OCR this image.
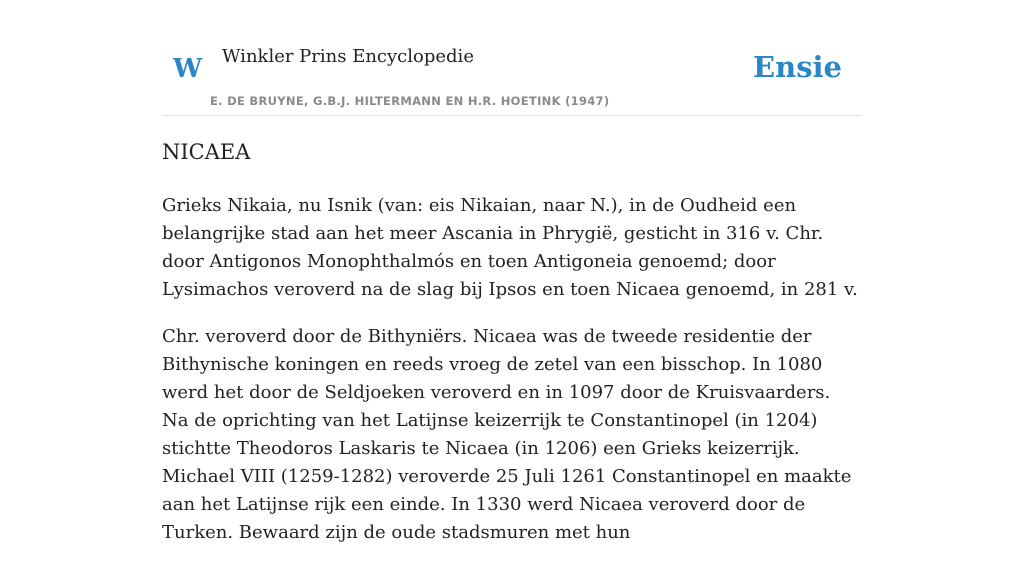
W Winkler Prins Encyclopedie
E. DE BRUYNE, G.B.J. HILTERMANN EN H.R. HOETINK (1947)
Ensie
NICAEA

Grieks Nikaia, nu Isnik (van: eis Nikaian, naar N.), in de Oudheid een belangrijke stad aan het meer Ascania in Phrygië, gesticht in 316 v. Chr. door Antigonos Monophthalmós en toen Antigoneia genoemd; door Lysimachos veroverd na de slag bij Ipsos en toen Nicaea genoemd, in 281 v.

Chr. veroverd door de Bithyniërs. Nicaea was de tweede residentie der Bithynische koningen en reeds vroeg de zetel van een bisschop. In 1080 werd het door de Seldjoeken veroverd en in 1097 door de Kruisvaarders. Na de oprichting van het Latijnse keizerrijk te Constantinopel (in 1204) stichtte Theodoros Laskaris te Nicaea (in 1206) een Grieks keizerrijk. Michael VIII (1259-1282) veroverde 25 Juli 1261 Constantinopel en maakte aan het Latijnse rijk een einde. In 1330 werd Nicaea veroverd door de Turken. Bewaard zijn de oude stadsmuren met hun
